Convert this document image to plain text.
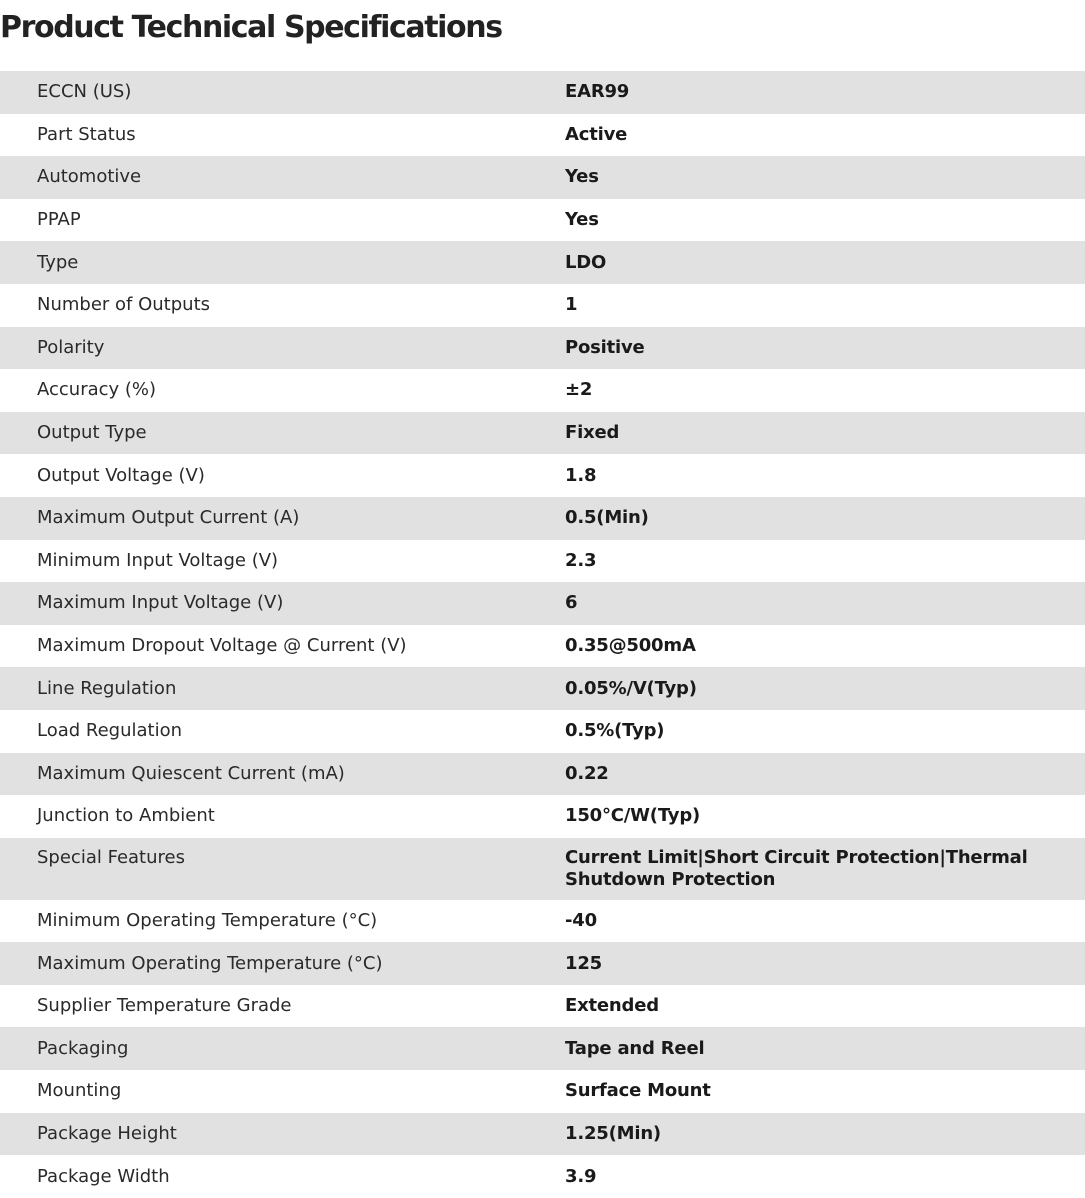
Product Technical Specifications
ECCN (US)	EAR99
Part Status	Active
Automotive	Yes
PPAP	Yes
Type	LDO
Number of Outputs	1
Polarity	Positive
Accuracy (%)	±2
Output Type	Fixed
Output Voltage (V)	1.8
Maximum Output Current (A)	0.5(Min)
Minimum Input Voltage (V)	2.3
Maximum Input Voltage (V)	6
Maximum Dropout Voltage @ Current (V)	0.35@500mA
Line Regulation	0.05%/V(Typ)
Load Regulation	0.5%(Typ)
Maximum Quiescent Current (mA)	0.22
Junction to Ambient	150°C/W(Typ)
Special Features	Current Limit|Short Circuit Protection|Thermal Shutdown Protection
Minimum Operating Temperature (°C)	-40
Maximum Operating Temperature (°C)	125
Supplier Temperature Grade	Extended
Packaging	Tape and Reel
Mounting	Surface Mount
Package Height	1.25(Min)
Package Width	3.9
